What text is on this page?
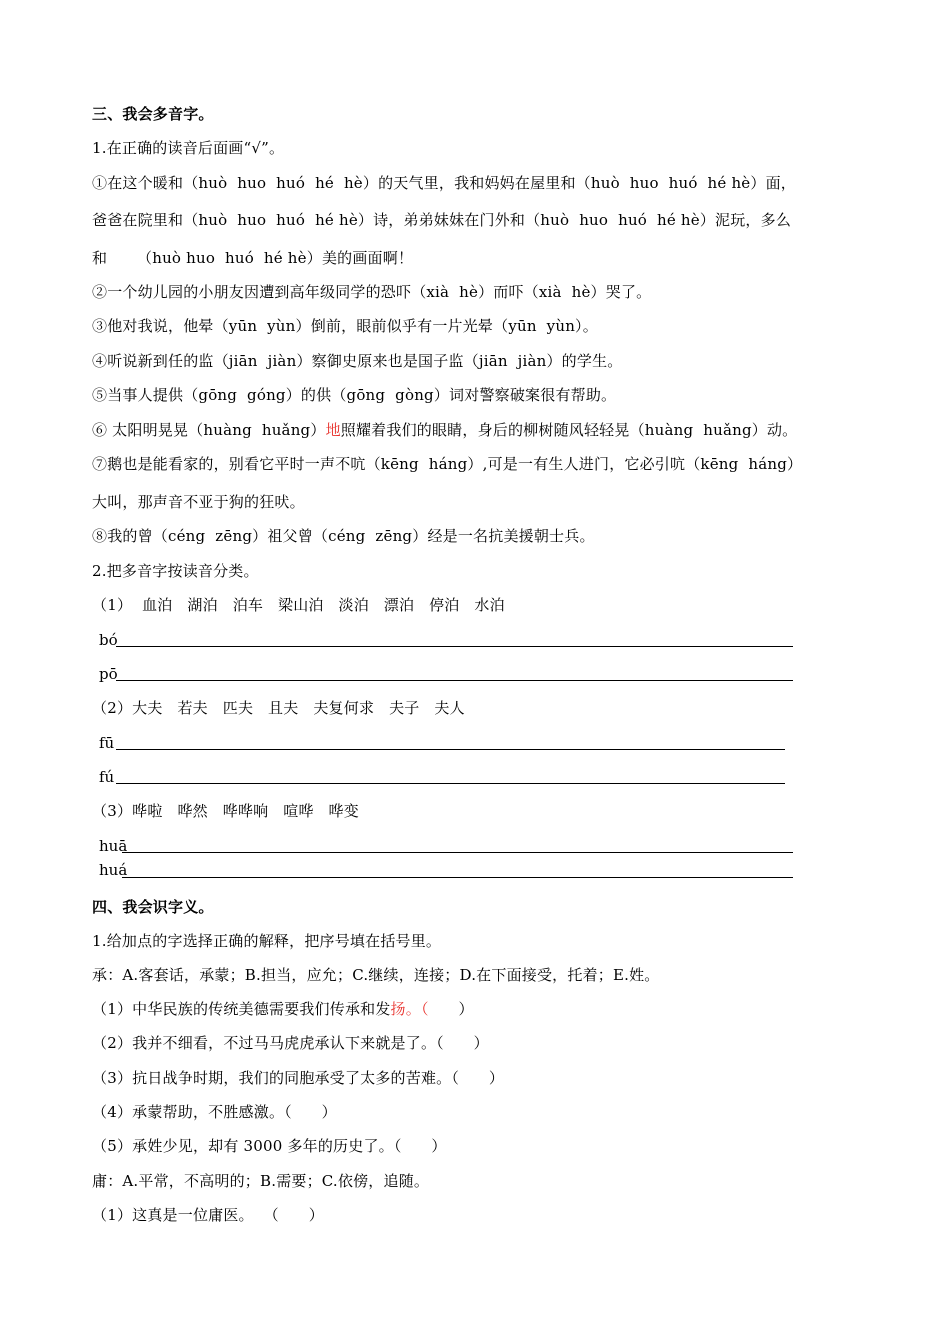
三、我会多音字。
1.在正确的读音后面画“√”。
①在这个暖和（huò  huo  huó  hé  hè）的天气里，我和妈妈在屋里和（huò  huo  huó  hé hè）面，
爸爸在院里和（huò  huo  huó  hé hè）诗，弟弟妹妹在门外和（huò  huo  huó  hé hè）泥玩，多么
和      （huò huo  huó  hé hè）美的画面啊！
②一个幼儿园的小朋友因遭到高年级同学的恐吓（xià  hè）而吓（xià  hè）哭了。
③他对我说，他晕（yūn  yùn）倒前，眼前似乎有一片光晕（yūn  yùn）。
④听说新到任的监（jiān  jiàn）察御史原来也是国子监（jiān  jiàn）的学生。
⑤当事人提供（gōng  góng）的供（gōng  gòng）词对警察破案很有帮助。
⑥ 太阳明晃晃（huàng  huǎng）地照耀着我们的眼睛，身后的柳树随风轻轻晃（huàng  huǎng）动。
⑦鹅也是能看家的，别看它平时一声不吭（kēng  háng）,可是一有生人进门，它必引吭（kēng  háng）
大叫，那声音不亚于狗的狂吠。
⑧我的曾（céng  zēng）祖父曾（céng  zēng）经是一名抗美援朝士兵。
2.把多音字按读音分类。
（1）  血泊   湖泊   泊车   梁山泊   淡泊   漂泊   停泊   水泊
bó
pō
（2）大夫   若夫   匹夫   且夫   夫复何求   夫子   夫人
fū
fú
（3）哗啦   哗然   哗哗响   喧哗   哗变
huā
huá
四、我会识字义。
1.给加点的字选择正确的解释，把序号填在括号里。
承：A.客套话，承蒙；B.担当，应允；C.继续，连接；D.在下面接受，托着；E.姓。
（1）中华民族的传统美德需要我们传承和发扬。（      ）
（2）我并不细看，不过马马虎虎承认下来就是了。（      ）
（3）抗日战争时期，我们的同胞承受了太多的苦难。（      ）
（4）承蒙帮助，不胜感激。（      ）
（5）承姓少见，却有 3000 多年的历史了。（      ）
庸：A.平常，不高明的；B.需要；C.依傍，追随。
（1）这真是一位庸医。  （      ）
